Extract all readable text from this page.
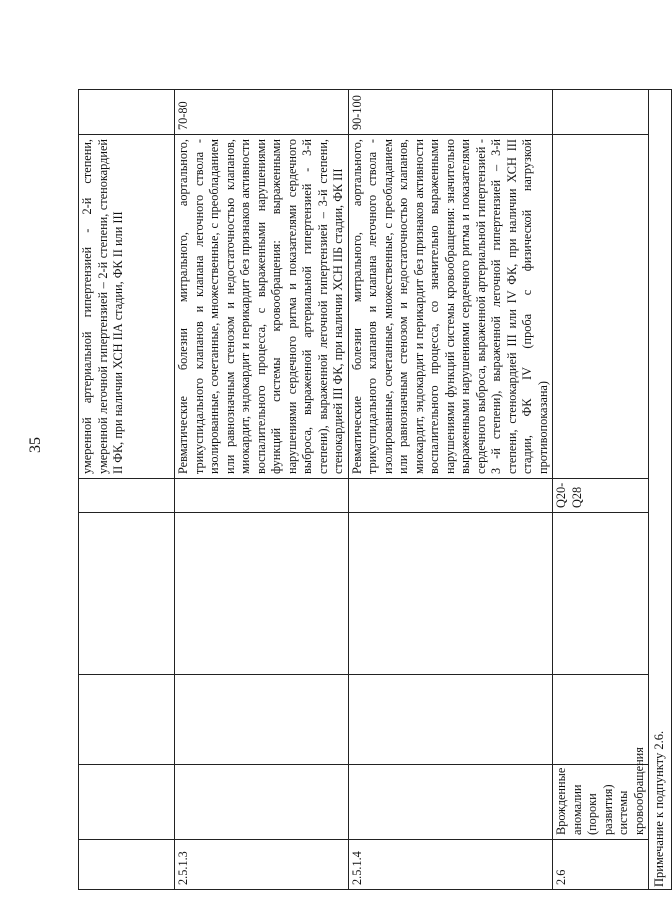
35
						умеренной артериальной гипертензией - 2-й степени, умеренной легочной гипертензией – 2-й степени, стенокардией II ФК, при наличии ХСН IIА стадии, ФК II или III	
2.5.1.3					Ревматические болезни митрального, аортального, трикуспидального клапанов и клапана легочного ствола - изолированные, сочетанные, множественные, с преобладанием или равнозначным стенозом и недостаточностью клапанов, миокардит, эндокардит и перикардит без признаков активности воспалительного процесса, с выраженными нарушениями функций системы кровообращения: выраженными нарушениями сердечного ритма и показателями сердечного выброса, выраженной артериальной гипертензией - 3-й степени), выраженной легочной гипертензией – 3-й степени, стенокардией III ФК, при наличии ХСН IIБ стадии, ФК III	70-80
2.5.1.4					Ревматические болезни митрального, аортального, трикуспидального клапанов и клапана легочного ствола - изолированные, сочетанные, множественные, с преобладанием или равнозначным стенозом и недостаточностью клапанов, миокардит, эндокардит и перикардит без признаков активности воспалительного процесса, со значительно выраженными нарушениями функций системы кровообращения: значительно выраженными нарушениями сердечного ритма и показателями сердечного выброса, выраженной артериальной гипертензией - 3 -й степени), выраженной легочной гипертензией – 3-й степени, стенокардией III или IV ФК, при наличии ХСН III стадии, ФК IV (проба с физической нагрузкой противопоказана)	90-100
2.6	Врожденные аномалии (пороки развития) системы кровообращения			Q20-Q28		
Примечание к подпункту 2.6.						
